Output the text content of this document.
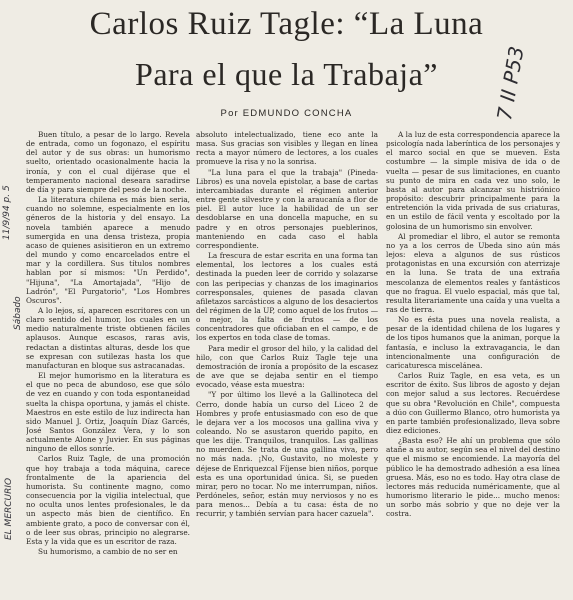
Carlos Ruiz Tagle: “La Luna
Para el que la Trabaja”
Por EDMUNDO CONCHA	7 II P53
11/9/94 p. 5
Sábado
EL MERCURIO

Buen título, a pesar de lo largo. Revela de entrada, como un fogonazo, el espíritu del autor y de sus obras: un humorismo suelto, orientado ocasionalmente hacia la ironía, y con el cual dijérase que el temperamento nacional deseara saradirse de día y para siempre del peso de la noche.

La literatura chilena es más bien seria, cuando no solemne, especialmente en los géneros de la historia y del ensayo. La novela también aparece a menudo sumergida en una densa tristeza, propia acaso de quienes asisitieron en un extremo del mundo y como encarcelados entre el mar y la cordillera. Sus títulos nombres hablan por sí mismos: "Un Perdido", "Hijuna", "La Amortajada", "Hijo de Ladrón", "El Purgatorio", "Los Hombres Oscuros".

A lo lejos, sí, aparecen escritores con un claro sentido del humor, los cuales en un medio naturalmente triste obtienen fáciles aplausos. Aunque escasos, raras avis, redactan a distintas alturas, desde los que se expresan con sutilezas hasta los que manufacturan en bloque sus astracanadas.

El mejor humorismo en la literatura es el que no peca de abundoso, ese que sólo de vez en cuando y con toda espontaneidad suelta la chispa oportuna, y jamás el chiste. Maestros en este estilo de luz indirecta han sido Manuel J. Ortiz, Joaquín Díaz Garcés, José Santos González Vera, y lo son actualmente Alone y Juvier. En sus páginas ninguno de ellos sonríe.

Carlos Ruiz Tagle, de una promoción que hoy trabaja a toda máquina, carece frontalmente de la apariencia del humorista. Su continente magno, como consecuencia por la vigilia intelectual, que no oculta unos lentes profesionales, le da un aspecto más bien de científico. En ambiente grato, a poco de conversar con él, o de leer sus obras, principio no alegrarse. Esta y la vida que es un escritor de raza.

Su humorismo, a cambio de no ser en

absoluto intelectualizado, tiene eco ante la masa. Sus gracias son visibles y llegan en línea recta a mayor número de lectores, a los cuales promueve la risa y no la sonrisa.

"La luna para el que la trabaja" (Pineda-Libros) es una novela epistolar, a base de cartas intercambiadas durante el régimen anterior entre gente silvestre y con la araucanía a flor de piel. El autor luce la habilidad de un ser desdoblarse en una doncella mapuche, en su padre y en otros personajes pueblerinos, manteniendo en cada caso el habla correspondiente.

La frescura de estar escrita en una forma tan elemental, los lectores a los cuales está destinada la pueden leer de corrido y solazarse con las peripecias y chanzas de los imaginarios corresponsales, quienes de pasada clavan afiletazos sarcásticos a alguno de los desaciertos del régimen de la UP, como aquel de los frutos — o mejor, la falta de frutos — de los concentradores que oficiaban en el campo, e de los expertos en toda clase de tomas.

Para medir el grosor del hilo, y la calidad del hilo, con que Carlos Ruiz Tagle teje una demostración de ironía a propósito de la escasez de ave que se dejaba sentir en el tiempo evocado, véase esta muestra:

"Y por último los llevé a la Gallinoteca del Cerro, donde había un curso del Liceo 2 de Hombres y profe entusiasmado con eso de que le dejara ver a los mocosos una gallina viva y coleando. No se asustaron querido papito, en que les dije. Tranquilos, tranquilos. Las gallinas no muerden. Se trata de una gallina viva, pero no más nada. ¡No, Gustavito, no moleste y déjese de Enriquezcal Fíjense bien niños, porque esta es una oportunidad única. Si, se pueden mirar, pero no tocar. No me interrumpan, niños. Perdóneles, señor, están muy nerviosos y no es para menos... Debía a tu casa: ésta de no recurrir, y también servían para hacer cazuela".

A la luz de esta correspondencia aparece la psicología nada laberíntica de los personajes y el marco social en que se mueven. Esta costumbre — la simple misiva de ida o de vuelta — pesar de sus limitaciones, en cuanto su punto de mira en cada vez uno solo, le basta al autor para alcanzar su histriónico propósito: descubrir principalmente para la entretención la vida privada de sus criaturas, en un estilo de fácil venta y escoltado por la golosina de un humorismo sin envolver.

Al promediar el libro, el autor se remonta no ya a los cerros de Ubeda sino aún más lejos: eleva a algunos de sus rústicos protagonistas en una excursión con aterrizaje en la luna. Se trata de una extraña mescolanza de elementos reales y fantásticos que no fragua. El vuelo espacial, más que tal, resulta literariamente una caída y una vuelta a ras de tierra.

No es ésta pues una novela realista, a pesar de la identidad chilena de los lugares y de los tipos humanos que la animan, porque la fantasía, e incluso la extravagancia, le dan intencionalmente una configuración de caricaturesca miscelánea.

Carlos Ruiz Tagle, en esa veta, es un escritor de éxito. Sus libros de agosto y dejan con mejor salud a sus lectores. Recuérdese que su obra "Revolución en Chile", compuesta a dúo con Guillermo Blanco, otro humorista ya en parte también profesionalizado, lleva sobre diez ediciones.

¿Basta eso? He ahí un problema que sólo atañe a su autor, según sea el nivel del destino que el mismo se encomiende. La mayoría del público le ha demostrado adhesión a esa línea gruesa. Más, eso no es todo. Hay otra clase de lectores más reducida numéricamente, que al humorismo literario le pide... mucho menos: un sorbo más sobrio y que no deje ver la costra.
